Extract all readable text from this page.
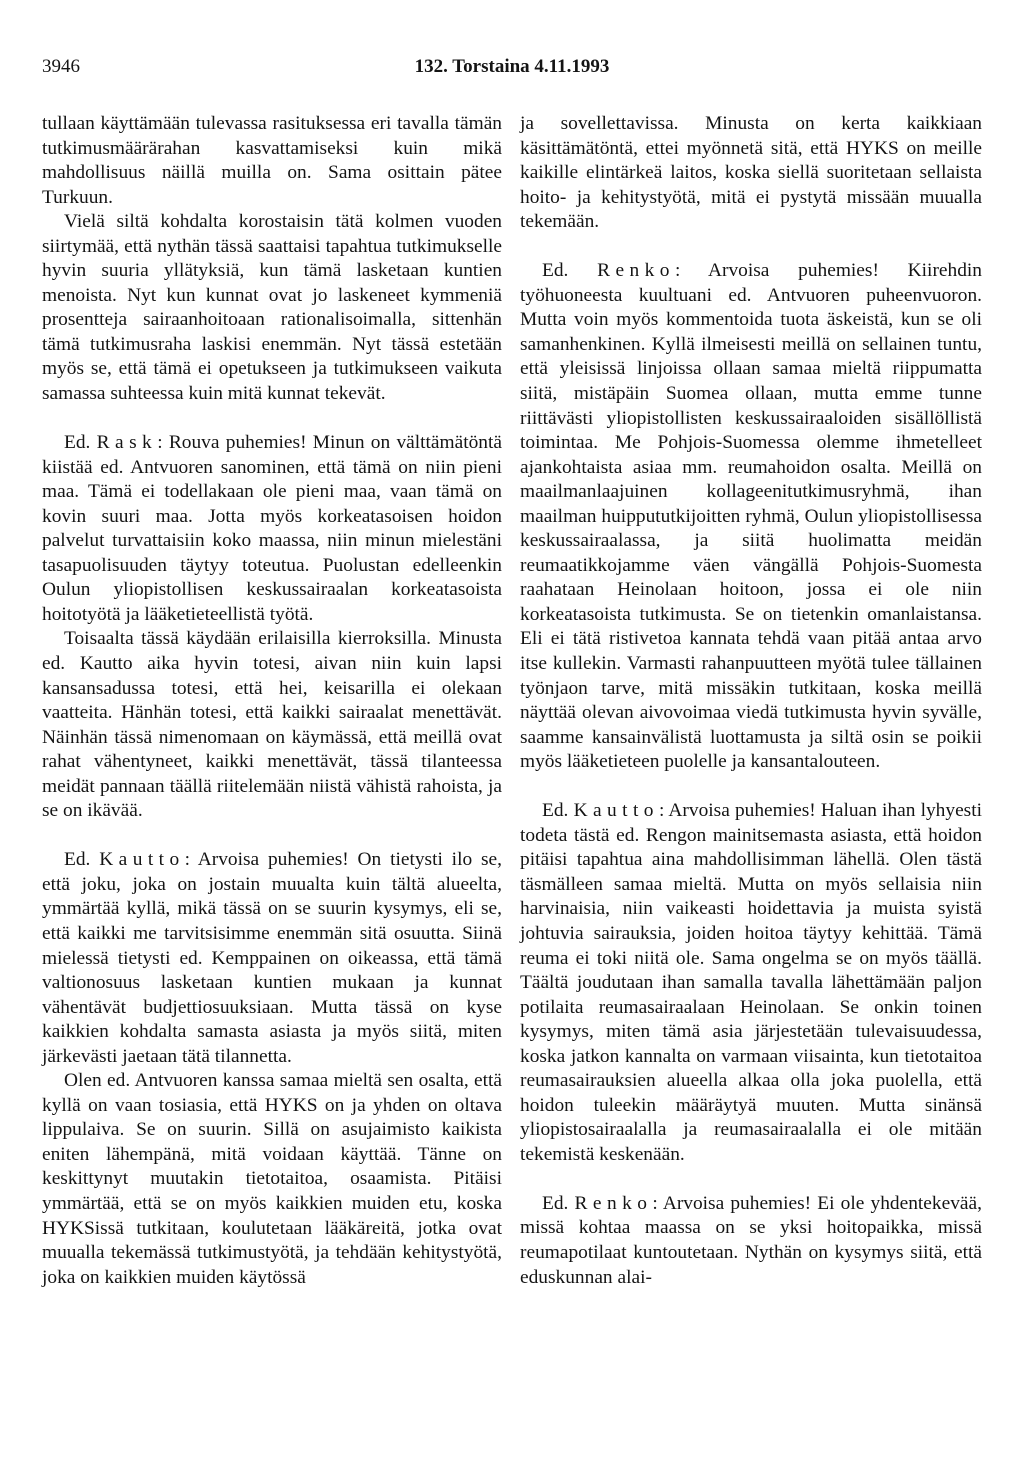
3946	132. Torstaina 4.11.1993

tullaan käyttämään tulevassa rasituksessa eri tavalla tämän tutkimusmäärärahan kasvattamiseksi kuin mikä mahdollisuus näillä muilla on. Sama osittain pätee Turkuun.

Vielä siltä kohdalta korostaisin tätä kolmen vuoden siirtymää, että nythän tässä saattaisi tapahtua tutkimukselle hyvin suuria yllätyksiä, kun tämä lasketaan kuntien menoista. Nyt kun kunnat ovat jo laskeneet kymmeniä prosentteja sairaanhoitoaan rationalisoimalla, sittenhän tämä tutkimusraha laskisi enemmän. Nyt tässä estetään myös se, että tämä ei opetukseen ja tutkimukseen vaikuta samassa suhteessa kuin mitä kunnat tekevät.

Ed. Rask: Rouva puhemies! Minun on välttämätöntä kiistää ed. Antvuoren sanominen, että tämä on niin pieni maa. Tämä ei todellakaan ole pieni maa, vaan tämä on kovin suuri maa. Jotta myös korkeatasoisen hoidon palvelut turvattaisiin koko maassa, niin minun mielestäni tasapuolisuuden täytyy toteutua. Puolustan edelleenkin Oulun yliopistollisen keskussairaalan korkeatasoista hoitotyötä ja lääketieteellistä työtä.

Toisaalta tässä käydään erilaisilla kierroksilla. Minusta ed. Kautto aika hyvin totesi, aivan niin kuin lapsi kansansadussa totesi, että hei, keisarilla ei olekaan vaatteita. Hänhän totesi, että kaikki sairaalat menettävät. Näinhän tässä nimenomaan on käymässä, että meillä ovat rahat vähentyneet, kaikki menettävät, tässä tilanteessa meidät pannaan täällä riitelemään niistä vähistä rahoista, ja se on ikävää.

Ed. Kautto: Arvoisa puhemies! On tietysti ilo se, että joku, joka on jostain muualta kuin tältä alueelta, ymmärtää kyllä, mikä tässä on se suurin kysymys, eli se, että kaikki me tarvitsisimme enemmän sitä osuutta. Siinä mielessä tietysti ed. Kemppainen on oikeassa, että tämä valtionosuus lasketaan kuntien mukaan ja kunnat vähentävät budjettiosuuksiaan. Mutta tässä on kyse kaikkien kohdalta samasta asiasta ja myös siitä, miten järkevästi jaetaan tätä tilannetta.

Olen ed. Antvuoren kanssa samaa mieltä sen osalta, että kyllä on vaan tosiasia, että HYKS on ja yhden on oltava lippulaiva. Se on suurin. Sillä on asujaimisto kaikista eniten lähempänä, mitä voidaan käyttää. Tänne on keskittynyt muutakin tietotaitoa, osaamista. Pitäisi ymmärtää, että se on myös kaikkien muiden etu, koska HYKSissä tutkitaan, koulutetaan lääkäreitä, jotka ovat muualla tekemässä tutkimustyötä, ja tehdään kehitystyötä, joka on kaikkien muiden käytössä

ja sovellettavissa. Minusta on kerta kaikkiaan käsittämätöntä, ettei myönnetä sitä, että HYKS on meille kaikille elintärkeä laitos, koska siellä suoritetaan sellaista hoito- ja kehitystyötä, mitä ei pystytä missään muualla tekemään.

Ed. Renko: Arvoisa puhemies! Kiirehdin työhuoneesta kuultuani ed. Antvuoren puheenvuoron. Mutta voin myös kommentoida tuota äskeistä, kun se oli samanhenkinen. Kyllä ilmeisesti meillä on sellainen tuntu, että yleisissä linjoissa ollaan samaa mieltä riippumatta siitä, mistäpäin Suomea ollaan, mutta emme tunne riittävästi yliopistollisten keskussairaaloiden sisällöllistä toimintaa. Me Pohjois-Suomessa olemme ihmetelleet ajankohtaista asiaa mm. reumahoidon osalta. Meillä on maailmanlaajuinen kollageenitutkimusryhmä, ihan maailman huippututkijoitten ryhmä, Oulun yliopistollisessa keskussairaalassa, ja siitä huolimatta meidän reumaatikkojamme väen vängällä Pohjois-Suomesta raahataan Heinolaan hoitoon, jossa ei ole niin korkeatasoista tutkimusta. Se on tietenkin omanlaistansa. Eli ei tätä ristivetoa kannata tehdä vaan pitää antaa arvo itse kullekin. Varmasti rahanpuutteen myötä tulee tällainen työnjaon tarve, mitä missäkin tutkitaan, koska meillä näyttää olevan aivovoimaa viedä tutkimusta hyvin syvälle, saamme kansainvälistä luottamusta ja siltä osin se poikii myös lääketieteen puolelle ja kansantalouteen.

Ed. Kautto: Arvoisa puhemies! Haluan ihan lyhyesti todeta tästä ed. Rengon mainitsemasta asiasta, että hoidon pitäisi tapahtua aina mahdollisimman lähellä. Olen tästä täsmälleen samaa mieltä. Mutta on myös sellaisia niin harvinaisia, niin vaikeasti hoidettavia ja muista syistä johtuvia sairauksia, joiden hoitoa täytyy kehittää. Tämä reuma ei toki niitä ole. Sama ongelma se on myös täällä. Täältä joudutaan ihan samalla tavalla lähettämään paljon potilaita reumasairaalaan Heinolaan. Se onkin toinen kysymys, miten tämä asia järjestetään tulevaisuudessa, koska jatkon kannalta on varmaan viisainta, kun tietotaitoa reumasairauksien alueella alkaa olla joka puolella, että hoidon tuleekin määräytyä muuten. Mutta sinänsä yliopistosairaalalla ja reumasairaalalla ei ole mitään tekemistä keskenään.

Ed. Renko: Arvoisa puhemies! Ei ole yhdentekevää, missä kohtaa maassa on se yksi hoitopaikka, missä reumapotilaat kuntoutetaan. Nythän on kysymys siitä, että eduskunnan alai-
